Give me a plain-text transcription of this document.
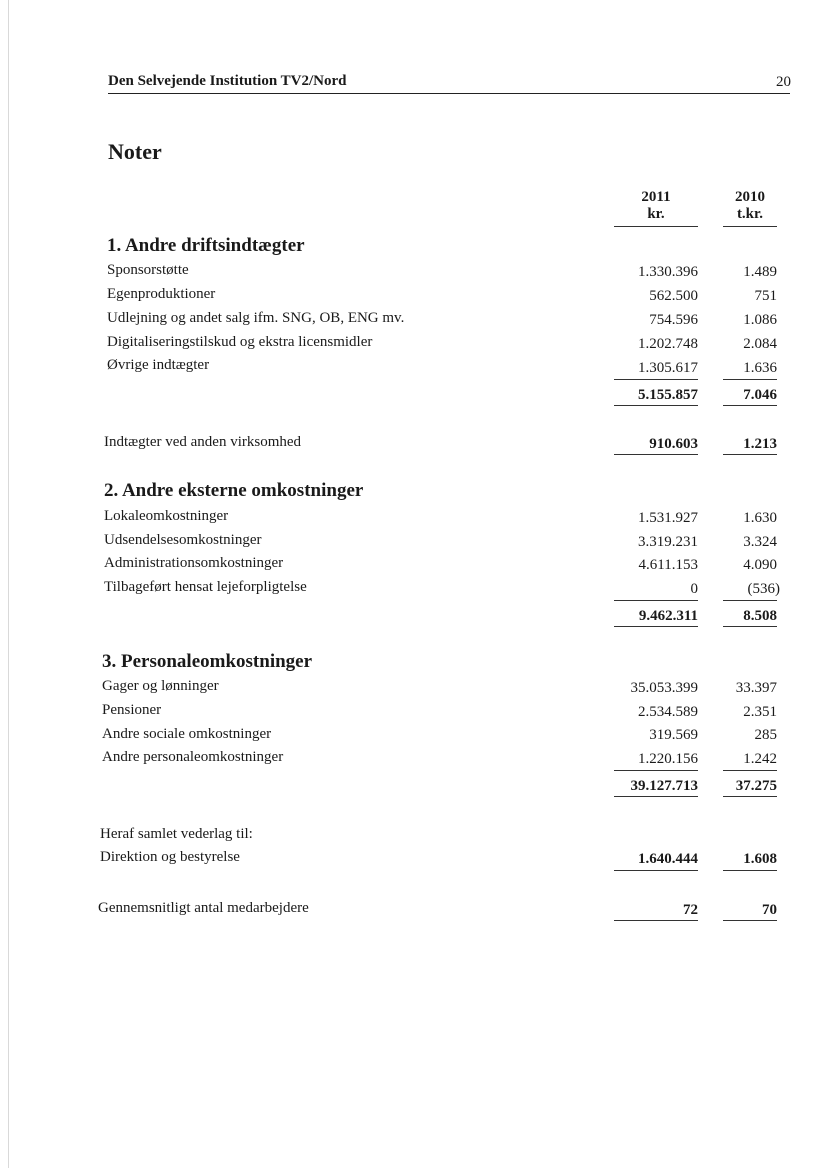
Den Selvejende Institution TV2/Nord	20
Noter
2011
kr.
2010
t.kr.
1. Andre driftsindtægter
Sponsorstøtte	1.330.396	1.489
Egenproduktioner	562.500	751
Udlejning og andet salg ifm. SNG, OB, ENG mv.	754.596	1.086
Digitaliseringstilskud og ekstra licensmidler	1.202.748	2.084
Øvrige indtægter	1.305.617	1.636
5.155.857	7.046
Indtægter ved anden virksomhed	910.603	1.213
2. Andre eksterne omkostninger
Lokaleomkostninger	1.531.927	1.630
Udsendelsesomkostninger	3.319.231	3.324
Administrationsomkostninger	4.611.153	4.090
Tilbageført hensat lejeforpligtelse	0	(536)
9.462.311	8.508
3. Personaleomkostninger
Gager og lønninger	35.053.399	33.397
Pensioner	2.534.589	2.351
Andre sociale omkostninger	319.569	285
Andre personaleomkostninger	1.220.156	1.242
39.127.713	37.275
Heraf samlet vederlag til:
Direktion og bestyrelse	1.640.444	1.608
Gennemsnitligt antal medarbejdere	72	70
